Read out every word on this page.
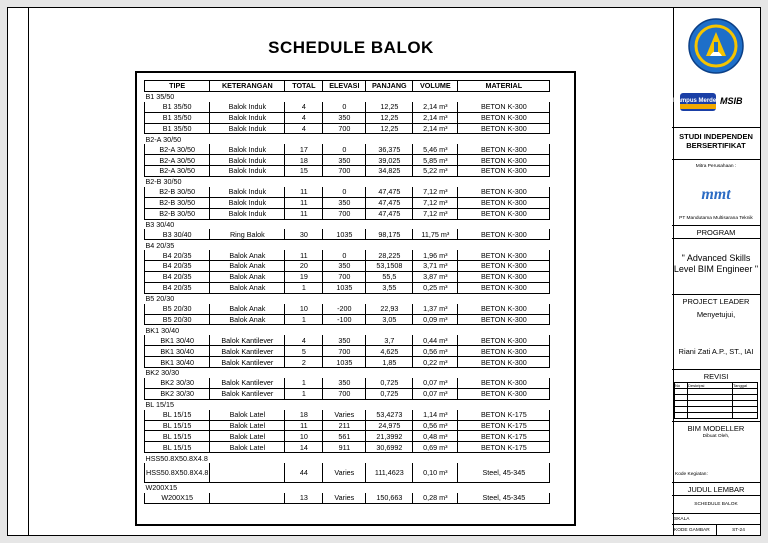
SCHEDULE BALOK
TIPE	KETERANGAN	TOTAL	ELEVASI	PANJANG	VOLUME	MATERIAL
B1 35/50						
B1 35/50	Balok Induk	4	0	12,25	2,14 m³	BETON K-300
B1 35/50	Balok Induk	4	350	12,25	2,14 m³	BETON K-300
B1 35/50	Balok Induk	4	700	12,25	2,14 m³	BETON K-300
B2-A 30/50						
B2-A 30/50	Balok Induk	17	0	36,375	5,46 m³	BETON K-300
B2-A 30/50	Balok Induk	18	350	39,025	5,85 m³	BETON K-300
B2-A 30/50	Balok Induk	15	700	34,825	5,22 m³	BETON K-300
B2-B 30/50						
B2-B 30/50	Balok Induk	11	0	47,475	7,12 m³	BETON K-300
B2-B 30/50	Balok Induk	11	350	47,475	7,12 m³	BETON K-300
B2-B 30/50	Balok Induk	11	700	47,475	7,12 m³	BETON K-300
B3 30/40						
B3 30/40	Ring Balok	30	1035	98,175	11,75 m³	BETON K-300
B4 20/35						
B4 20/35	Balok Anak	11	0	28,225	1,96 m³	BETON K-300
B4 20/35	Balok Anak	20	350	53,1508	3,71 m³	BETON K-300
B4 20/35	Balok Anak	19	700	55,5	3,87 m³	BETON K-300
B4 20/35	Balok Anak	1	1035	3,55	0,25 m³	BETON K-300
B5 20/30						
B5 20/30	Balok Anak	10	-200	22,93	1,37 m³	BETON K-300
B5 20/30	Balok Anak	1	-100	3,05	0,09 m³	BETON K-300
BK1 30/40						
BK1 30/40	Balok Kantilever	4	350	3,7	0,44 m³	BETON K-300
BK1 30/40	Balok Kantilever	5	700	4,625	0,56 m³	BETON K-300
BK1 30/40	Balok Kantilever	2	1035	1,85	0,22 m³	BETON K-300
BK2 30/30						
BK2 30/30	Balok Kantilever	1	350	0,725	0,07 m³	BETON K-300
BK2 30/30	Balok Kantilever	1	700	0,725	0,07 m³	BETON K-300
BL 15/15						
BL 15/15	Balok Latel	18	Varies	53,4273	1,14 m³	BETON K-175
BL 15/15	Balok Latel	11	211	24,975	0,56 m³	BETON K-175
BL 15/15	Balok Latel	10	561	21,3992	0,48 m³	BETON K-175
BL 15/15	Balok Latel	14	911	30,6992	0,69 m³	BETON K-175
HSS50.8X50.8X4.8						
HSS50.8X50.8X4.8		44	Varies	111,4623	0,10 m³	Steel, 45-345
W200X15						
W200X15		13	Varies	150,663	0,28 m³	Steel, 45-345
Kampus Merdeka
MSIB
STUDI INDEPENDEN BERSERTIFIKAT
Mitra Perusahaan :
mmt
PT Mandutama Multisarana Teknik
PROGRAM
" Advanced Skills Level BIM Engineer "
PROJECT LEADER
Menyetujui,
Riani Zati A.P., ST., IAI
REVISI
No	Deskripsi	Tanggal

BIM MODELLER
Dibuat Oleh,
Kode Kegiatan:
JUDUL LEMBAR
SCHEDULE BALOK
SKALA
KODE GAMBAR	ST-24
